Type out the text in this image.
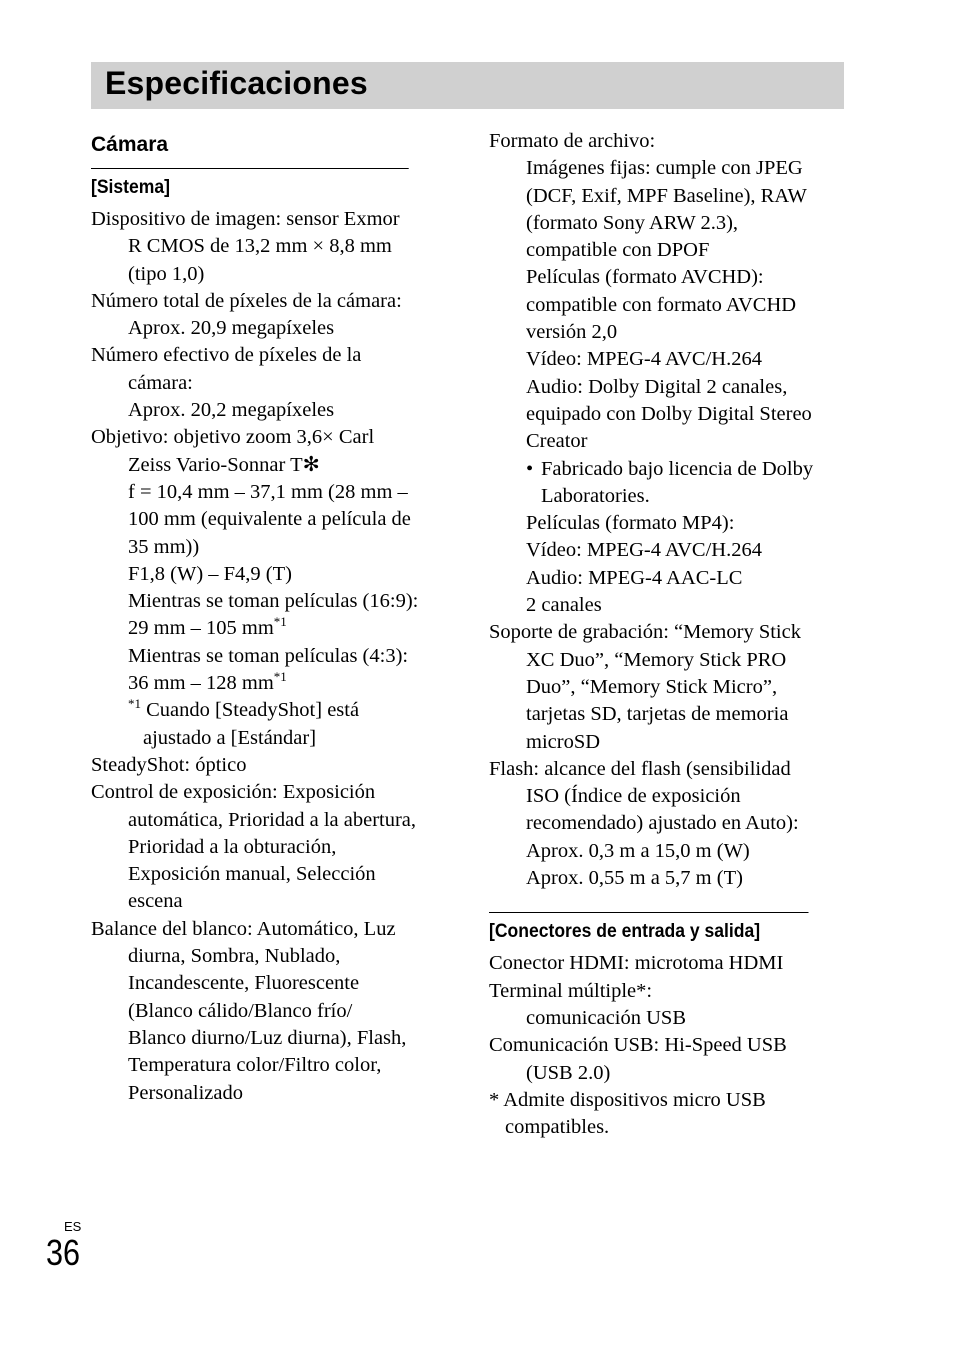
Especificaciones
Cámara
[Sistema]
Dispositivo de imagen: sensor Exmor
R CMOS de 13,2 mm × 8,8 mm
(tipo 1,0)
Número total de píxeles de la cámara:
Aprox. 20,9 megapíxeles
Número efectivo de píxeles de la
cámara:
Aprox. 20,2 megapíxeles
Objetivo: objetivo zoom 3,6× Carl
Zeiss Vario-Sonnar T✻
f = 10,4 mm – 37,1 mm (28 mm –
100 mm (equivalente a película de
35 mm))
F1,8 (W) – F4,9 (T)
Mientras se toman películas (16:9):
29 mm – 105 $mm^{*1}$
Mientras se toman películas (4:3):
36 mm – 128 $mm^{*1}$
$^{*1}$ Cuando [SteadyShot] está
ajustado a [Estándar]
SteadyShot: óptico
Control de exposición: Exposición
automática, Prioridad a la abertura,
Prioridad a la obturación,
Exposición manual, Selección
escena
Balance del blanco: Automático, Luz
diurna, Sombra, Nublado,
Incandescente, Fluorescente
(Blanco cálido/Blanco frío/
Blanco diurno/Luz diurna), Flash,
Temperatura color/Filtro color,
Personalizado
Formato de archivo:
Imágenes fijas: cumple con JPEG
(DCF, Exif, MPF Baseline), RAW
(formato Sony ARW 2.3),
compatible con DPOF
Películas (formato AVCHD):
compatible con formato AVCHD
versión 2,0
Vídeo: MPEG-4 AVC/H.264
Audio: Dolby Digital 2 canales,
equipado con Dolby Digital Stereo
Creator
• Fabricado bajo licencia de Dolby
Laboratories.
Películas (formato MP4):
Vídeo: MPEG-4 AVC/H.264
Audio: MPEG-4 AAC-LC
2 canales
Soporte de grabación: “Memory Stick
XC Duo”, “Memory Stick PRO
Duo”, “Memory Stick Micro”,
tarjetas SD, tarjetas de memoria
microSD
Flash: alcance del flash (sensibilidad
ISO (Índice de exposición
recomendado) ajustado en Auto):
Aprox. 0,3 m a 15,0 m (W)
Aprox. 0,55 m a 5,7 m (T)
[Conectores de entrada y salida]
Conector HDMI: microtoma HDMI
Terminal múltiple*:
comunicación USB
Comunicación USB: Hi-Speed USB
(USB 2.0)
* Admite dispositivos micro USB
compatibles.
ES
36
